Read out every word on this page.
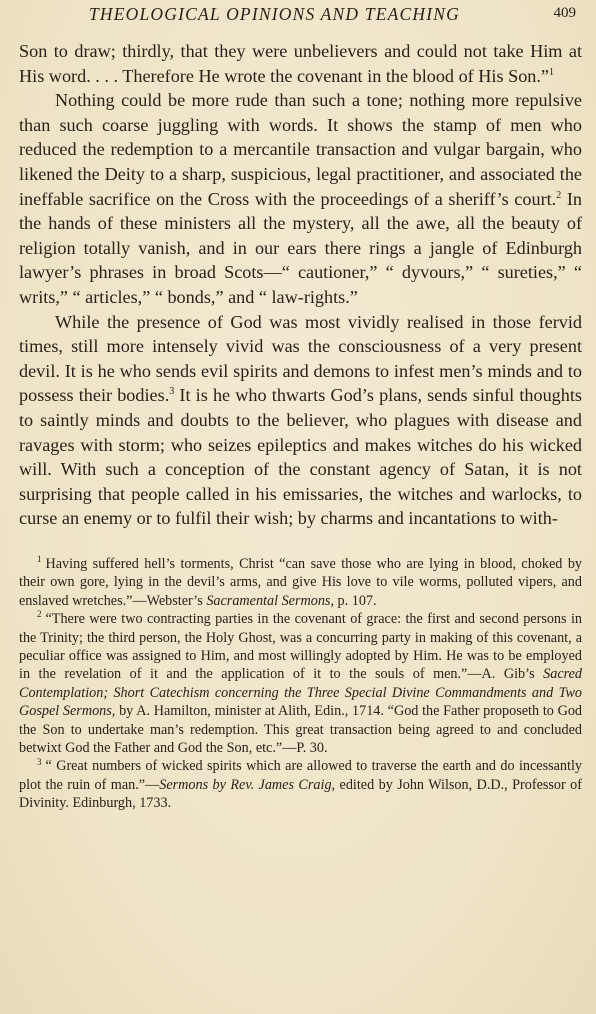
THEOLOGICAL OPINIONS AND TEACHING	409

Son to draw; thirdly, that they were unbelievers and could not take Him at His word. . . . Therefore He wrote the covenant in the blood of His Son.”$^1$

Nothing could be more rude than such a tone; nothing more repulsive than such coarse juggling with words. It shows the stamp of men who reduced the redemption to a mercantile transaction and vulgar bargain, who likened the Deity to a sharp, suspicious, legal practitioner, and associated the ineffable sacrifice on the Cross with the proceedings of a sheriff’s court.$^2$ In the hands of these ministers all the mystery, all the awe, all the beauty of religion totally vanish, and in our ears there rings a jangle of Edinburgh lawyer’s phrases in broad Scots—“ cautioner,” “ dyvours,” “ sureties,” “ writs,” “ articles,” “ bonds,” and “ law-rights.”

While the presence of God was most vividly realised in those fervid times, still more intensely vivid was the consciousness of a very present devil. It is he who sends evil spirits and demons to infest men’s minds and to possess their bodies.$^3$ It is he who thwarts God’s plans, sends sinful thoughts to saintly minds and doubts to the believer, who plagues with disease and ravages with storm; who seizes epileptics and makes witches do his wicked will. With such a conception of the constant agency of Satan, it is not surprising that people called in his emissaries, the witches and warlocks, to curse an enemy or to fulfil their wish; by charms and incantations to with-

$^1$ Having suffered hell’s torments, Christ “can save those who are lying in blood, choked by their own gore, lying in the devil’s arms, and give His love to vile worms, polluted vipers, and enslaved wretches.”—Webster’s Sacramental Sermons, p. 107.

$^2$ “There were two contracting parties in the covenant of grace: the first and second persons in the Trinity; the third person, the Holy Ghost, was a concurring party in making of this covenant, a peculiar office was assigned to Him, and most willingly adopted by Him. He was to be employed in the revelation of it and the application of it to the souls of men.”—A. Gib’s Sacred Contemplation; Short Catechism concerning the Three Special Divine Commandments and Two Gospel Sermons, by A. Hamilton, minister at Alith, Edin., 1714. “God the Father proposeth to God the Son to undertake man’s redemption. This great transaction being agreed to and concluded betwixt God the Father and God the Son, etc.”—P. 30.

$^3$ “ Great numbers of wicked spirits which are allowed to traverse the earth and do incessantly plot the ruin of man.”—Sermons by Rev. James Craig, edited by John Wilson, D.D., Professor of Divinity. Edinburgh, 1733.
